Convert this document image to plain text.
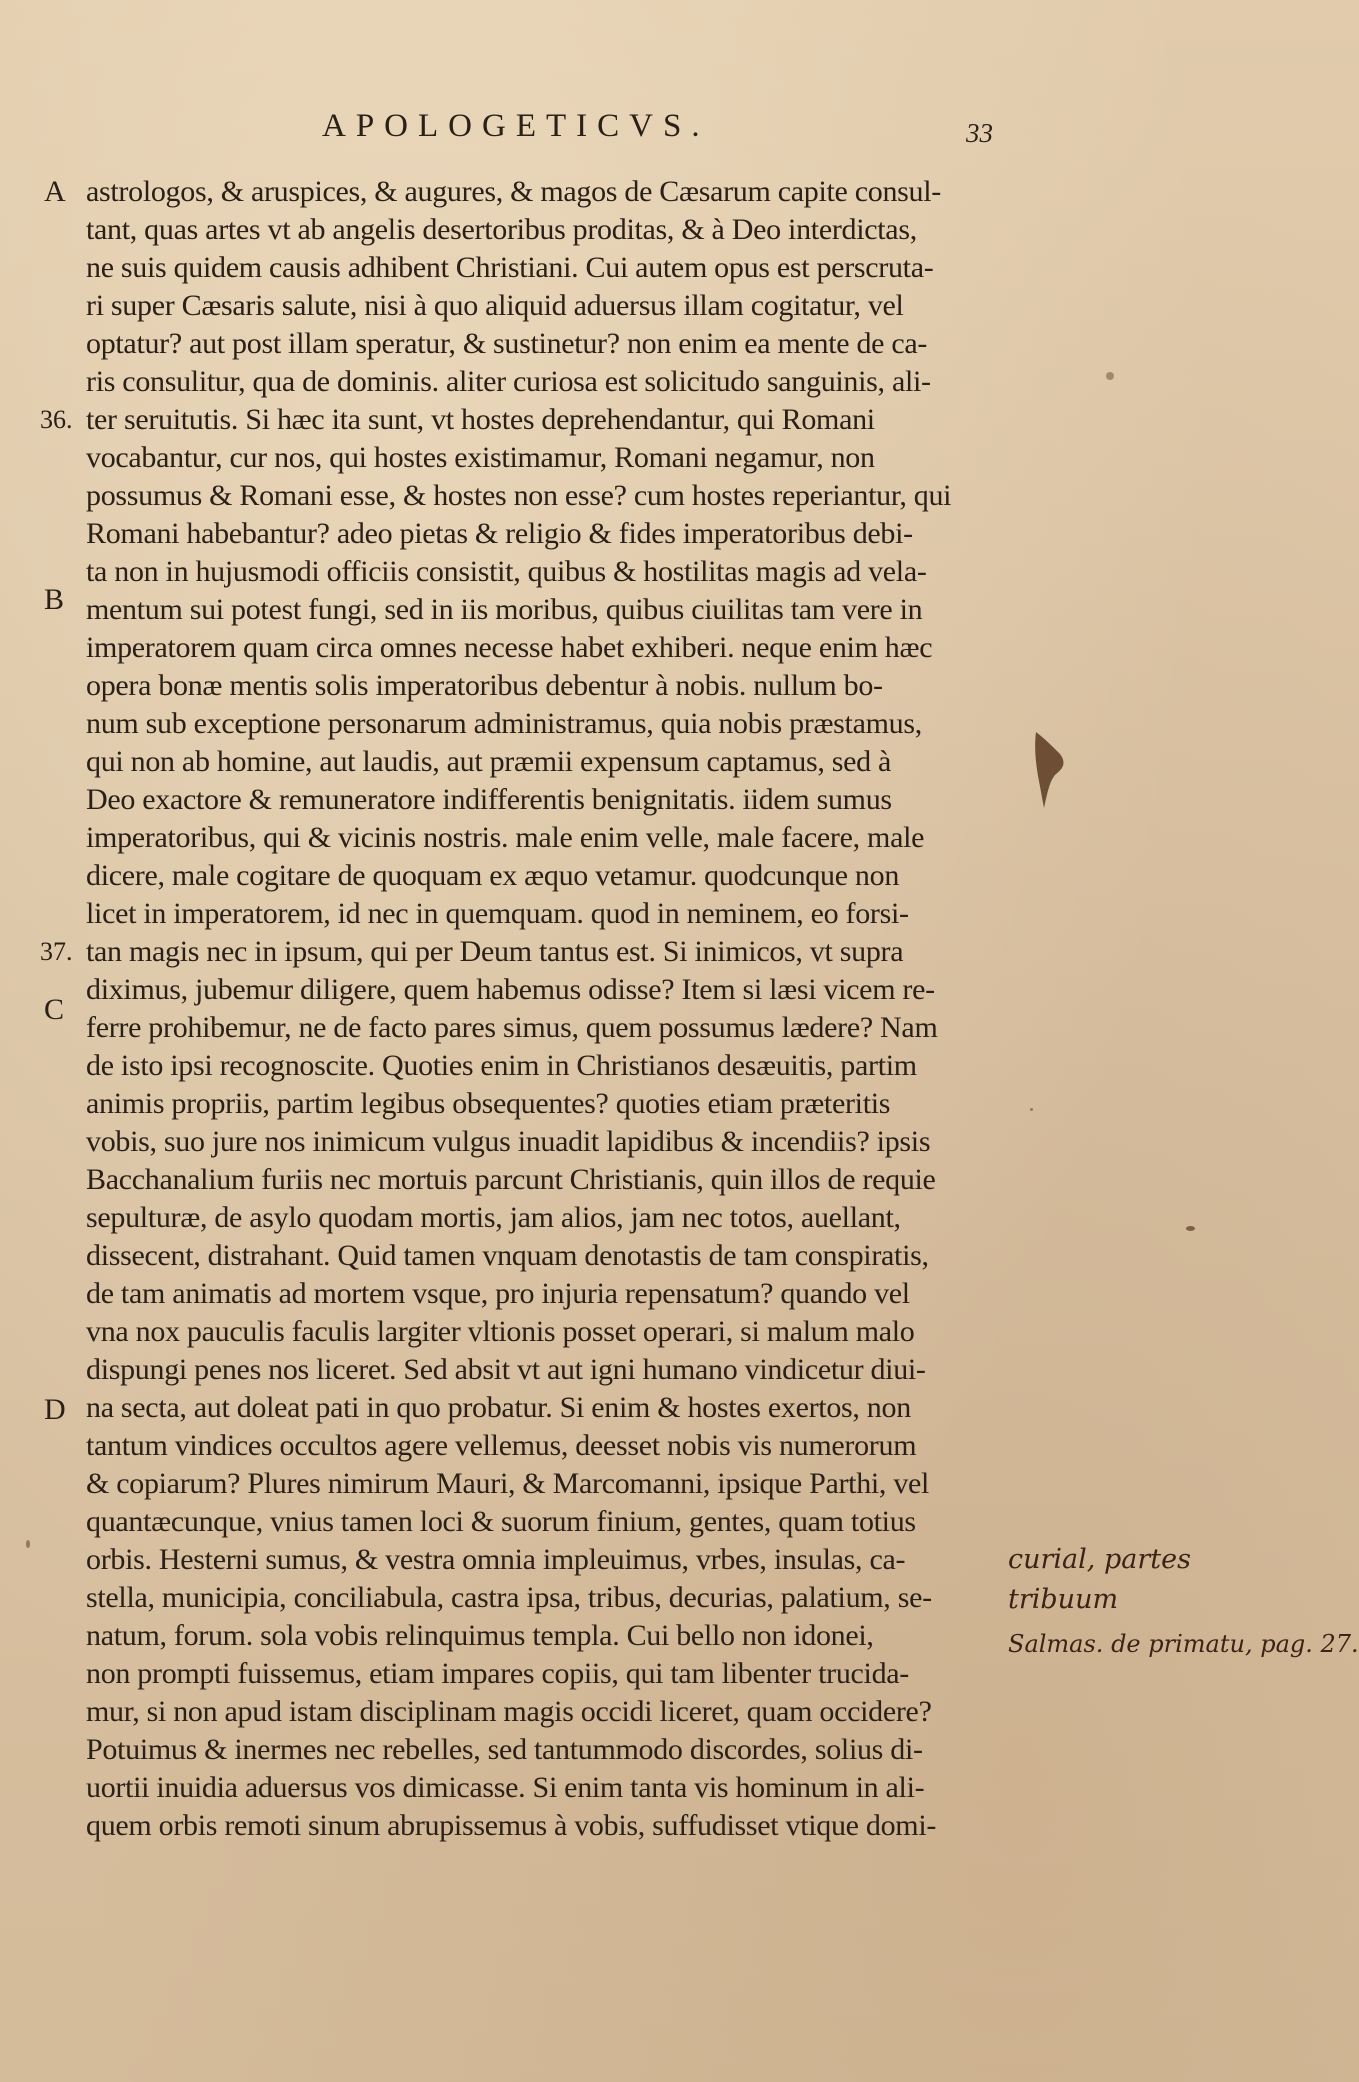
APOLOGETICVS.	33
astrologos, & aruspices, & augures, & magos de Cæsarum capite consul-
tant, quas artes vt ab angelis desertoribus proditas, & à Deo interdictas,
ne suis quidem causis adhibent Christiani. Cui autem opus est perscruta-
ri super Cæsaris salute, nisi à quo aliquid aduersus illam cogitatur, vel
optatur? aut post illam speratur, & sustinetur? non enim ea mente de ca-
ris consulitur, qua de dominis. aliter curiosa est solicitudo sanguinis, ali-
ter seruitutis. Si hæc ita sunt, vt hostes deprehendantur, qui Romani
vocabantur, cur nos, qui hostes existimamur, Romani negamur, non
possumus & Romani esse, & hostes non esse? cum hostes reperiantur, qui
Romani habebantur? adeo pietas & religio & fides imperatoribus debi-
ta non in hujusmodi officiis consistit, quibus & hostilitas magis ad vela-
mentum sui potest fungi, sed in iis moribus, quibus ciuilitas tam vere in
imperatorem quam circa omnes necesse habet exhiberi. neque enim hæc
opera bonæ mentis solis imperatoribus debentur à nobis. nullum bo-
num sub exceptione personarum administramus, quia nobis præstamus,
qui non ab homine, aut laudis, aut præmii expensum captamus, sed à
Deo exactore & remuneratore indifferentis benignitatis. iidem sumus
imperatoribus, qui & vicinis nostris. male enim velle, male facere, male
dicere, male cogitare de quoquam ex æquo vetamur. quodcunque non
licet in imperatorem, id nec in quemquam. quod in neminem, eo forsi-
tan magis nec in ipsum, qui per Deum tantus est. Si inimicos, vt supra
diximus, jubemur diligere, quem habemus odisse? Item si læsi vicem re-
ferre prohibemur, ne de facto pares simus, quem possumus lædere? Nam
de isto ipsi recognoscite. Quoties enim in Christianos desæuitis, partim
animis propriis, partim legibus obsequentes? quoties etiam præteritis
vobis, suo jure nos inimicum vulgus inuadit lapidibus & incendiis? ipsis
Bacchanalium furiis nec mortuis parcunt Christianis, quin illos de requie
sepulturæ, de asylo quodam mortis, jam alios, jam nec totos, auellant,
dissecent, distrahant. Quid tamen vnquam denotastis de tam conspiratis,
de tam animatis ad mortem vsque, pro injuria repensatum? quando vel
vna nox pauculis faculis largiter vltionis posset operari, si malum malo
dispungi penes nos liceret. Sed absit vt aut igni humano vindicetur diui-
na secta, aut doleat pati in quo probatur. Si enim & hostes exertos, non
tantum vindices occultos agere vellemus, deesset nobis vis numerorum
& copiarum? Plures nimirum Mauri, & Marcomanni, ipsique Parthi, vel
quantæcunque, vnius tamen loci & suorum finium, gentes, quam totius
orbis. Hesterni sumus, & vestra omnia impleuimus, vrbes, insulas, ca-
stella, municipia, conciliabula, castra ipsa, tribus, decurias, palatium, se-
natum, forum. sola vobis relinquimus templa. Cui bello non idonei,
non prompti fuissemus, etiam impares copiis, qui tam libenter trucida-
mur, si non apud istam disciplinam magis occidi liceret, quam occidere?
Potuimus & inermes nec rebelles, sed tantummodo discordes, solius di-
uortii inuidia aduersus vos dimicasse. Si enim tanta vis hominum in ali-
quem orbis remoti sinum abrupissemus à vobis, suffudisset vtique domi-
A
36.
B
37.
C
D
curial, partes
tribuum
Salmas. de primatu, pag. 27.
